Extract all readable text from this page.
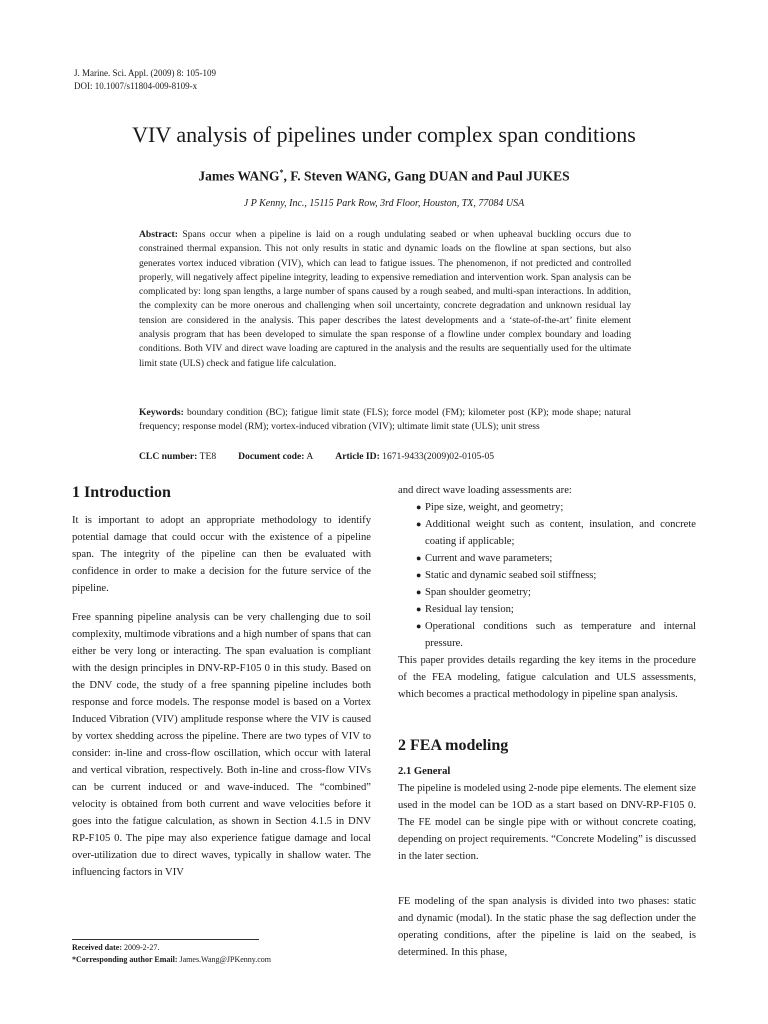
J. Marine. Sci. Appl. (2009) 8: 105-109
DOI: 10.1007/s11804-009-8109-x
VIV analysis of pipelines under complex span conditions
James WANG*, F. Steven WANG, Gang DUAN and Paul JUKES
J P Kenny, Inc., 15115 Park Row, 3rd Floor, Houston, TX, 77084 USA
Abstract: Spans occur when a pipeline is laid on a rough undulating seabed or when upheaval buckling occurs due to constrained thermal expansion. This not only results in static and dynamic loads on the flowline at span sections, but also generates vortex induced vibration (VIV), which can lead to fatigue issues. The phenomenon, if not predicted and controlled properly, will negatively affect pipeline integrity, leading to expensive remediation and intervention work. Span analysis can be complicated by: long span lengths, a large number of spans caused by a rough seabed, and multi-span interactions. In addition, the complexity can be more onerous and challenging when soil uncertainty, concrete degradation and unknown residual lay tension are considered in the analysis. This paper describes the latest developments and a ‘state-of-the-art’ finite element analysis program that has been developed to simulate the span response of a flowline under complex boundary and loading conditions. Both VIV and direct wave loading are captured in the analysis and the results are sequentially used for the ultimate limit state (ULS) check and fatigue life calculation.
Keywords: boundary condition (BC); fatigue limit state (FLS); force model (FM); kilometer post (KP); mode shape; natural frequency; response model (RM); vortex-induced vibration (VIV); ultimate limit state (ULS); unit stress
CLC number: TE8 Document code: A Article ID: 1671-9433(2009)02-0105-05
1 Introduction
It is important to adopt an appropriate methodology to identify potential damage that could occur with the existence of a pipeline span. The integrity of the pipeline can then be evaluated with confidence in order to make a decision for the future service of the pipeline.
Free spanning pipeline analysis can be very challenging due to soil complexity, multimode vibrations and a high number of spans that can either be very long or interacting. The span evaluation is compliant with the design principles in DNV-RP-F105 0 in this study. Based on the DNV code, the study of a free spanning pipeline includes both response and force models. The response model is based on a Vortex Induced Vibration (VIV) amplitude response where the VIV is caused by vortex shedding across the pipeline. There are two types of VIV to consider: in-line and cross-flow oscillation, which occur with lateral and vertical vibration, respectively. Both in-line and cross-flow VIVs can be current induced or and wave-induced. The “combined” velocity is obtained from both current and wave velocities before it goes into the fatigue calculation, as shown in Section 4.1.5 in DNV RP-F105 0. The pipe may also experience fatigue damage and local over-utilization due to direct waves, typically in shallow water. The influencing factors in VIV
and direct wave loading assessments are:
● Pipe size, weight, and geometry;
● Additional weight such as content, insulation, and concrete coating if applicable;
● Current and wave parameters;
● Static and dynamic seabed soil stiffness;
● Span shoulder geometry;
● Residual lay tension;
● Operational conditions such as temperature and internal pressure.
This paper provides details regarding the key items in the procedure of the FEA modeling, fatigue calculation and ULS assessments, which becomes a practical methodology in pipeline span analysis.
2 FEA modeling
2.1 General
The pipeline is modeled using 2-node pipe elements. The element size used in the model can be 1OD as a start based on DNV-RP-F105 0. The FE model can be single pipe with or without concrete coating, depending on project requirements. “Concrete Modeling” is discussed in the later section.
FE modeling of the span analysis is divided into two phases: static and dynamic (modal). In the static phase the sag deflection under the operating conditions, after the pipeline is laid on the seabed, is determined. In this phase,
Received date: 2009-2-27.
*Corresponding author Email: James.Wang@JPKenny.com
